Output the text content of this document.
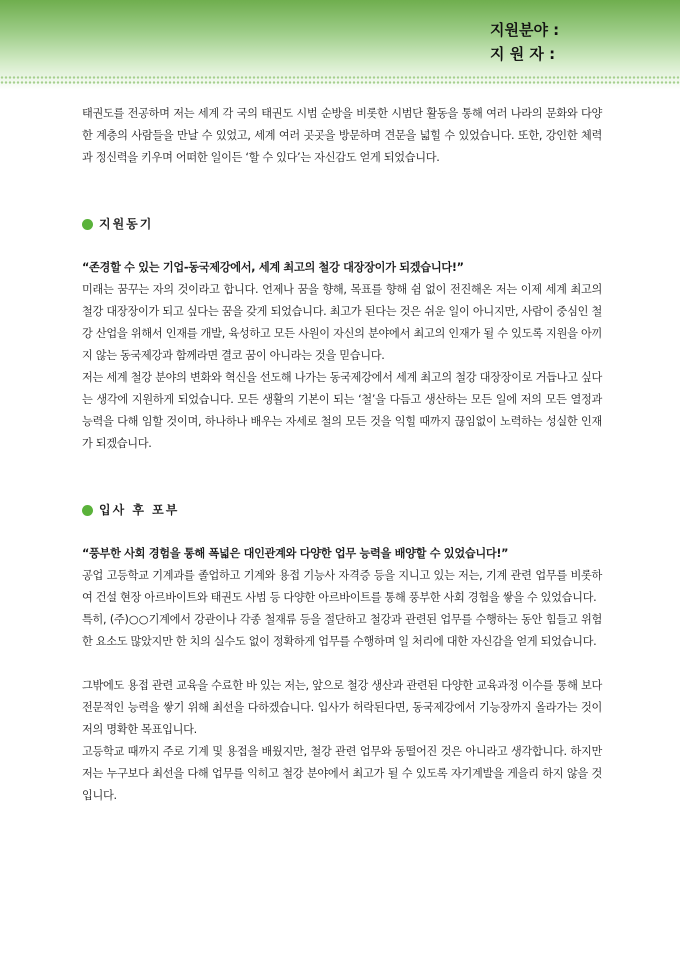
지원분야 :
지 원 자 :

태권도를 전공하며 저는 세계 각 국의 태권도 시범 순방을 비롯한 시범단 활동을 통해 여러 나라의 문화와 다양한 계층의 사람들을 만날 수 있었고, 세계 여러 곳곳을 방문하며 견문을 넓힐 수 있었습니다. 또한, 강인한 체력과 정신력을 키우며 어떠한 일이든 ‘할 수 있다’는 자신감도 얻게 되었습니다.

지원동기

“존경할 수 있는 기업-동국제강에서, 세계 최고의 철강 대장장이가 되겠습니다!”

미래는 꿈꾸는 자의 것이라고 합니다. 언제나 꿈을 향해, 목표를 향해 쉼 없이 전진해온 저는 이제 세계 최고의 철강 대장장이가 되고 싶다는 꿈을 갖게 되었습니다. 최고가 된다는 것은 쉬운 일이 아니지만, 사람이 중심인 철강 산업을 위해서 인재를 개발, 육성하고 모든 사원이 자신의 분야에서 최고의 인재가 될 수 있도록 지원을 아끼지 않는 동국제강과 함께라면 결코 꿈이 아니라는 것을 믿습니다.

저는 세계 철강 분야의 변화와 혁신을 선도해 나가는 동국제강에서 세계 최고의 철강 대장장이로 거듭나고 싶다는 생각에 지원하게 되었습니다. 모든 생활의 기본이 되는 ‘철’을 다듬고 생산하는 모든 일에 저의 모든 열정과 능력을 다해 임할 것이며, 하나하나 배우는 자세로 철의 모든 것을 익힐 때까지 끊임없이 노력하는 성실한 인재가 되겠습니다.

입사 후 포부

“풍부한 사회 경험을 통해 폭넓은 대인관계와 다양한 업무 능력을 배양할 수 있었습니다!”

공업 고등학교 기계과를 졸업하고 기계와 용접 기능사 자격증 등을 지니고 있는 저는, 기계 관련 업무를 비롯하여 건설 현장 아르바이트와 태권도 사범 등 다양한 아르바이트를 통해 풍부한 사회 경험을 쌓을 수 있었습니다.

특히, (주)○○기계에서 강관이나 각종 철재류 등을 절단하고 철강과 관련된 업무를 수행하는 동안 힘들고 위험한 요소도 많았지만 한 치의 실수도 없이 정확하게 업무를 수행하며 일 처리에 대한 자신감을 얻게 되었습니다.

그밖에도 용접 관련 교육을 수료한 바 있는 저는, 앞으로 철강 생산과 관련된 다양한 교육과정 이수를 통해 보다 전문적인 능력을 쌓기 위해 최선을 다하겠습니다. 입사가 허락된다면, 동국제강에서 기능장까지 올라가는 것이 저의 명확한 목표입니다.

고등학교 때까지 주로 기계 및 용접을 배웠지만, 철강 관련 업무와 동떨어진 것은 아니라고 생각합니다. 하지만 저는 누구보다 최선을 다해 업무를 익히고 철강 분야에서 최고가 될 수 있도록 자기계발을 게을리 하지 않을 것입니다.
